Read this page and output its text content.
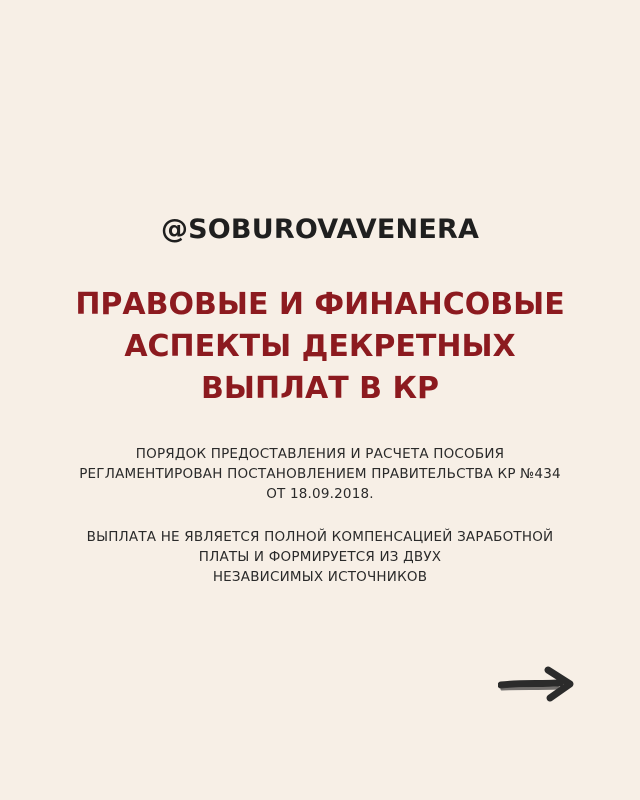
@SOBUROVAVENERA
ПРАВОВЫЕ И ФИНАНСОВЫЕ
АСПЕКТЫ ДЕКРЕТНЫХ
ВЫПЛАТ В КР

ПОРЯДОК ПРЕДОСТАВЛЕНИЯ И РАСЧЕТА ПОСОБИЯ
РЕГЛАМЕНТИРОВАН ПОСТАНОВЛЕНИЕМ ПРАВИТЕЛЬСТВА КР №434
ОТ 18.09.2018.

ВЫПЛАТА НЕ ЯВЛЯЕТСЯ ПОЛНОЙ КОМПЕНСАЦИЕЙ ЗАРАБОТНОЙ
ПЛАТЫ И ФОРМИРУЕТСЯ ИЗ ДВУХ
НЕЗАВИСИМЫХ ИСТОЧНИКОВ
